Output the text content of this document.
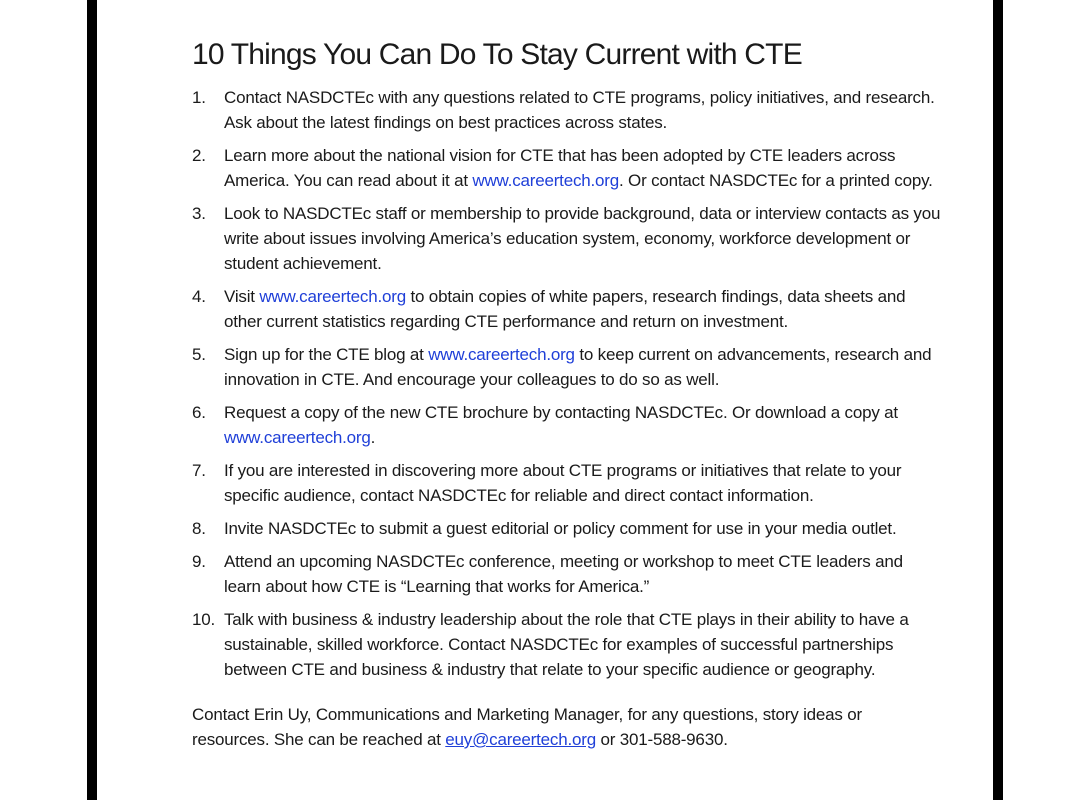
10 Things You Can Do To Stay Current with CTE
1.	Contact NASDCTEc with any questions related to CTE programs, policy initiatives, and research. Ask about the latest findings on best practices across states.
2.	Learn more about the national vision for CTE that has been adopted by CTE leaders across America. You can read about it at www.careertech.org. Or contact NASDCTEc for a printed copy.
3.	Look to NASDCTEc staff or membership to provide background, data or interview contacts as you write about issues involving America’s education system, economy, workforce development or student achievement.
4.	Visit www.careertech.org to obtain copies of white papers, research findings, data sheets and other current statistics regarding CTE performance and return on investment.
5.	Sign up for the CTE blog at www.careertech.org to keep current on advancements, research and innovation in CTE. And encourage your colleagues to do so as well.
6.	Request a copy of the new CTE brochure by contacting NASDCTEc. Or download a copy at www.careertech.org.
7.	If you are interested in discovering more about CTE programs or initiatives that relate to your specific audience, contact NASDCTEc for reliable and direct contact information.
8.	Invite NASDCTEc to submit a guest editorial or policy comment for use in your media outlet.
9.	Attend an upcoming NASDCTEc conference, meeting or workshop to meet CTE leaders and learn about how CTE is “Learning that works for America.”
10. Talk with business & industry leadership about the role that CTE plays in their ability to have a sustainable, skilled workforce. Contact NASDCTEc for examples of successful partnerships between CTE and business & industry that relate to your specific audience or geography.

Contact Erin Uy, Communications and Marketing Manager, for any questions, story ideas or resources. She can be reached at euy@careertech.org or 301-588-9630.
